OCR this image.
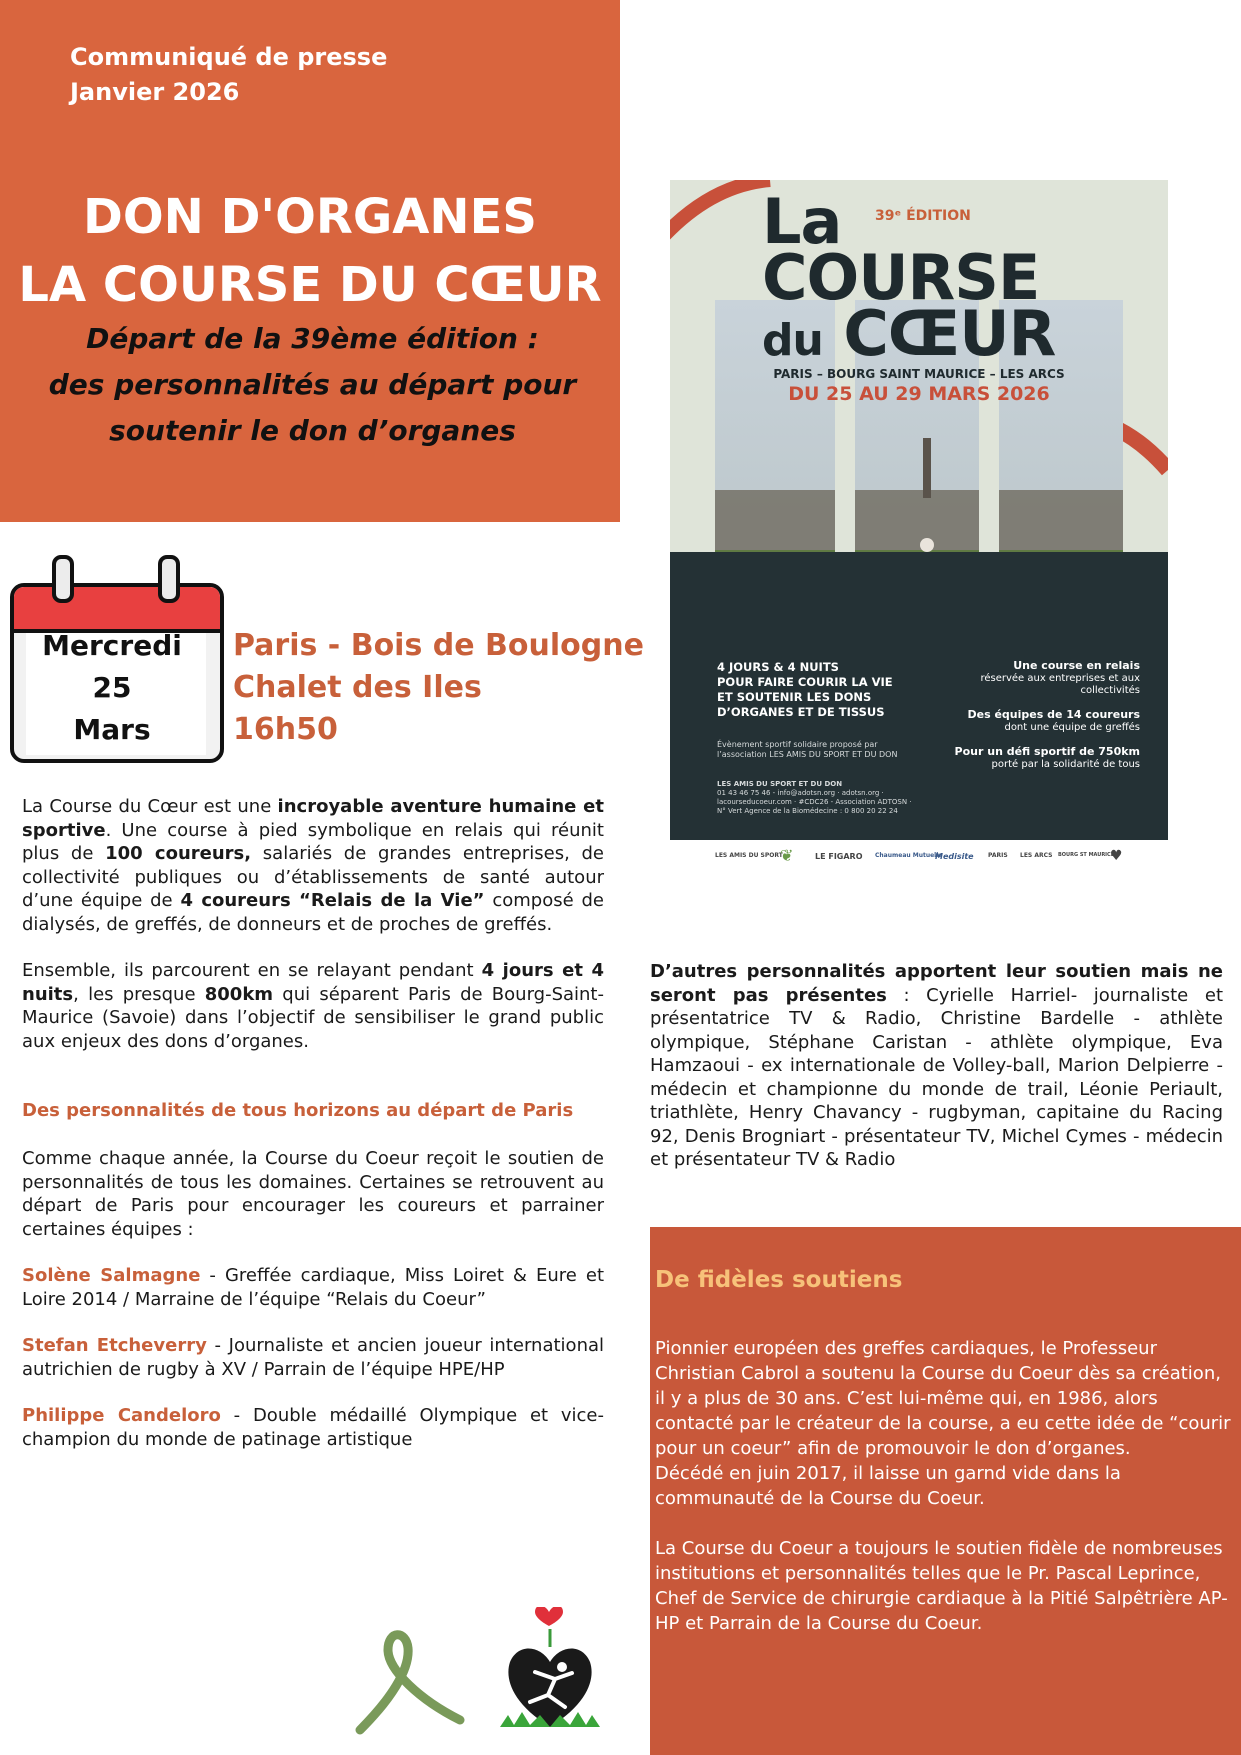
Communiqué de presse
Janvier 2026
DON D'ORGANES
LA COURSE DU CŒUR
Départ de la 39ème édition :
des personnalités au départ pour
soutenir le don d’organes
Mercredi
25
Mars
Paris - Bois de Boulogne
Chalet des Iles
16h50
La Course du Cœur est une incroyable aventure humaine et sportive. Une course à pied symbolique en relais qui réunit plus de 100 coureurs, salariés de grandes entreprises, de collectivité publiques ou d’établissements de santé autour d’une équipe de 4 coureurs “Relais de la Vie” composé de dialysés, de greffés, de donneurs et de proches de greffés.
Ensemble, ils parcourent en se relayant pendant 4 jours et 4 nuits, les presque 800km qui séparent Paris de Bourg-Saint-Maurice (Savoie) dans l’objectif de sensibiliser le grand public aux enjeux des dons d’organes.
Des personnalités de tous horizons au départ de Paris
Comme chaque année, la Course du Coeur reçoit le soutien de personnalités de tous les domaines. Certaines se retrouvent au départ de Paris pour encourager les coureurs et parrainer certaines équipes :
Solène Salmagne - Greffée cardiaque, Miss Loiret & Eure et Loire 2014 / Marraine de l’équipe “Relais du Coeur”
Stefan Etcheverry - Journaliste et ancien joueur international autrichien de rugby à XV / Parrain de l’équipe HPE/HP
Philippe Candeloro - Double médaillé Olympique et vice-champion du monde de patinage artistique
La
COURSE
du CŒUR
39ᵉ ÉDITION
PARIS – BOURG SAINT MAURICE – LES ARCS
DU 25 AU 29 MARS 2026
4 JOURS & 4 NUITS
POUR FAIRE COURIR LA VIE
ET SOUTENIR LES DONS
D’ORGANES ET DE TISSUS
Évènement sportif solidaire proposé par l’association LES AMIS DU SPORT ET DU DON
LES AMIS DU SPORT ET DU DON
01 43 46 75 46 - info@adotsn.org · adotsn.org · lacourseducoeur.com · #CDC26 - Association ADTOSN · N° Vert Agence de la Biomédecine : 0 800 20 22 24
Une course en relais
réservée aux entreprises et aux collectivités

Des équipes de 14 coureurs
dont une équipe de greffés

Pour un défi sportif de 750km
porté par la solidarité de tous
LES AMIS DU SPORT
❦	LE FIGARO Chaumeau Mutuelle
Medisite PARIS LES ARCS BOURG ST MAURICE
♥
D’autres personnalités apportent leur soutien mais ne seront pas présentes : Cyrielle Harriel- journaliste et présentatrice TV & Radio, Christine Bardelle - athlète olympique, Stéphane Caristan - athlète olympique, Eva Hamzaoui - ex internationale de Volley-ball, Marion Delpierre - médecin et championne du monde de trail, Léonie Periault, triathlète, Henry Chavancy - rugbyman, capitaine du Racing 92, Denis Brogniart - présentateur TV, Michel Cymes - médecin et présentateur TV & Radio
De fidèles soutiens
Pionnier européen des greffes cardiaques, le Professeur Christian Cabrol a soutenu la Course du Coeur dès sa création, il y a plus de 30 ans. C’est lui-même qui, en 1986, alors contacté par le créateur de la course, a eu cette idée de “courir pour un coeur” afin de promouvoir le don d’organes.
Décédé en juin 2017, il laisse un garnd vide dans la communauté de la Course du Coeur.
La Course du Coeur a toujours le soutien fidèle de nombreuses institutions et personnalités telles que le Pr. Pascal Leprince, Chef de Service de chirurgie cardiaque à la Pitié Salpêtrière AP-HP et Parrain de la Course du Coeur.
